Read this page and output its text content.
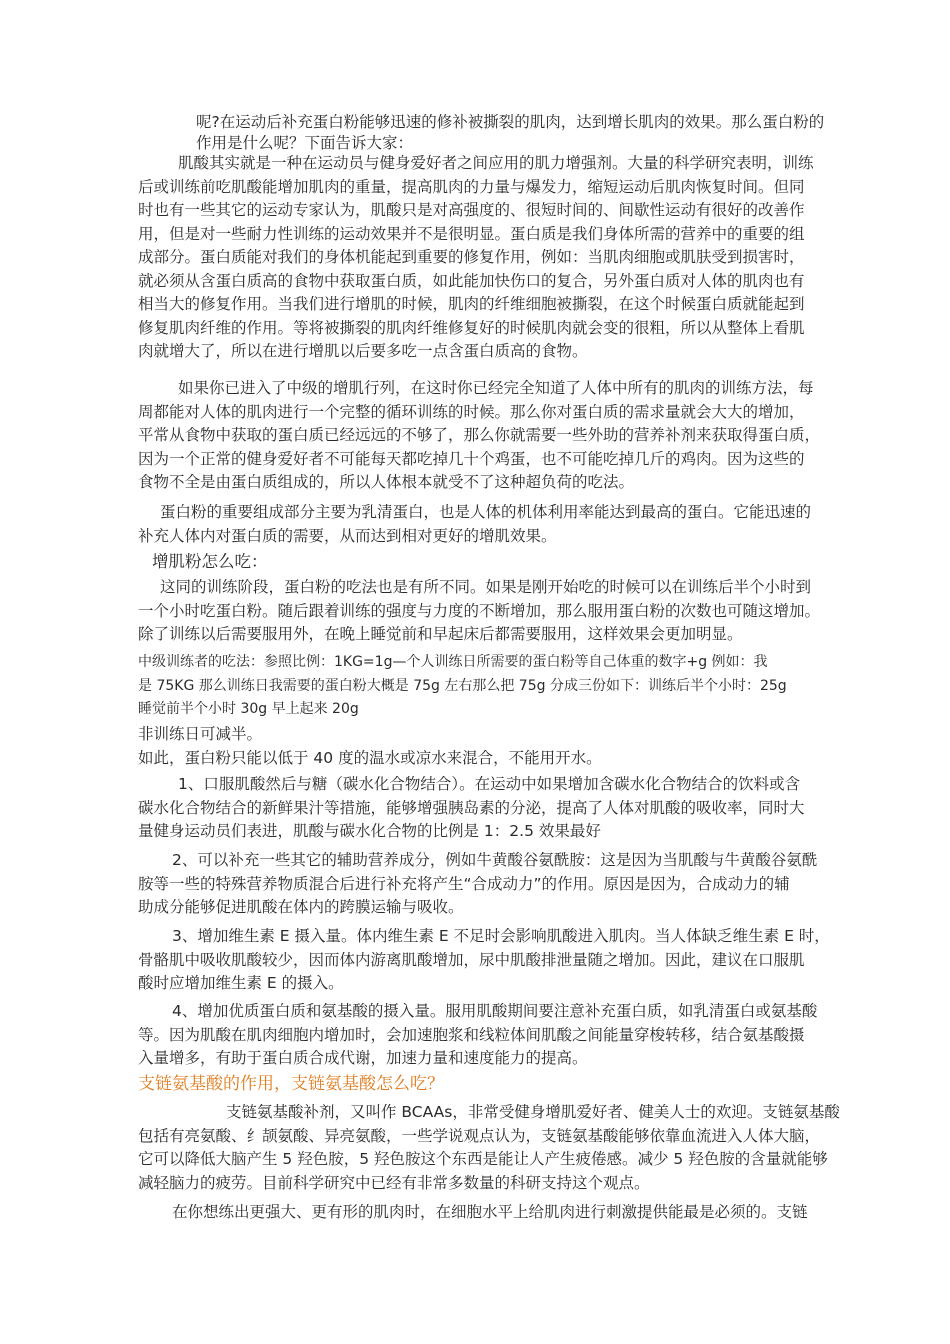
呢?在运动后补充蛋白粉能够迅速的修补被撕裂的肌肉，达到增长肌肉的效果。那么蛋白粉的
作用是什么呢？下面告诉大家：
肌酸其实就是一种在运动员与健身爱好者之间应用的肌力增强剂。大量的科学研究表明，训练
后或训练前吃肌酸能增加肌肉的重量，提高肌肉的力量与爆发力，缩短运动后肌肉恢复时间。但同
时也有一些其它的运动专家认为，肌酸只是对高强度的、很短时间的、间歇性运动有很好的改善作
用，但是对一些耐力性训练的运动效果并不是很明显。蛋白质是我们身体所需的营养中的重要的组
成部分。蛋白质能对我们的身体机能起到重要的修复作用，例如：当肌肉细胞或肌肤受到损害时，
就必须从含蛋白质高的食物中获取蛋白质，如此能加快伤口的复合，另外蛋白质对人体的肌肉也有
相当大的修复作用。当我们进行增肌的时候，肌肉的纤维细胞被撕裂，在这个时候蛋白质就能起到
修复肌肉纤维的作用。等将被撕裂的肌肉纤维修复好的时候肌肉就会变的很粗，所以从整体上看肌
肉就增大了，所以在进行增肌以后要多吃一点含蛋白质高的食物。
如果你已进入了中级的增肌行列，在这时你已经完全知道了人体中所有的肌肉的训练方法，每
周都能对人体的肌肉进行一个完整的循环训练的时候。那么你对蛋白质的需求量就会大大的增加，
平常从食物中获取的蛋白质已经远远的不够了，那么你就需要一些外助的营养补剂来获取得蛋白质，
因为一个正常的健身爱好者不可能每天都吃掉几十个鸡蛋，也不可能吃掉几斤的鸡肉。因为这些的
食物不全是由蛋白质组成的，所以人体根本就受不了这种超负荷的吃法。
蛋白粉的重要组成部分主要为乳清蛋白，也是人体的机体利用率能达到最高的蛋白。它能迅速的
补充人体内对蛋白质的需要，从而达到相对更好的增肌效果。
增肌粉怎么吃：
这同的训练阶段，蛋白粉的吃法也是有所不同。如果是刚开始吃的时候可以在训练后半个小时到
一个小时吃蛋白粉。随后跟着训练的强度与力度的不断增加，那么服用蛋白粉的次数也可随这增加。
除了训练以后需要服用外，在晚上睡觉前和早起床后都需要服用，这样效果会更加明显。
中级训练者的吃法：参照比例：1KG=1g—个人训练日所需要的蛋白粉等自己体重的数字+g 例如：我
是 75KG 那么训练日我需要的蛋白粉大概是 75g 左右那么把 75g 分成三份如下：训练后半个小时：25g
睡觉前半个小时 30g 早上起来 20g
非训练日可减半。
如此，蛋白粉只能以低于 40 度的温水或凉水来混合，不能用开水。
1、口服肌酸然后与糖（碳水化合物结合）。在运动中如果增加含碳水化合物结合的饮料或含
碳水化合物结合的新鲜果汁等措施，能够增强胰岛素的分泌，提高了人体对肌酸的吸收率，同时大
量健身运动员们表进，肌酸与碳水化合物的比例是 1：2.5 效果最好
2、可以补充一些其它的辅助营养成分，例如牛黄酸谷氨酰胺：这是因为当肌酸与牛黄酸谷氨酰
胺等一些的特殊营养物质混合后进行补充将产生“合成动力”的作用。原因是因为，合成动力的辅
助成分能够促进肌酸在体内的跨膜运输与吸收。
3、增加维生素 E 摄入量。体内维生素 E 不足时会影响肌酸进入肌肉。当人体缺乏维生素 E 时，
骨骼肌中吸收肌酸较少，因而体内游离肌酸增加，尿中肌酸排泄量随之增加。因此，建议在口服肌
酸时应增加维生素 E 的摄入。
4、增加优质蛋白质和氨基酸的摄入量。服用肌酸期间要注意补充蛋白质，如乳清蛋白或氨基酸
等。因为肌酸在肌肉细胞内增加时，会加速胞浆和线粒体间肌酸之间能量穿梭转移，结合氨基酸摄
入量增多，有助于蛋白质合成代谢，加速力量和速度能力的提高。
支链氨基酸的作用，支链氨基酸怎么吃？
支链氨基酸补剂，又叫作 BCAAs，非常受健身增肌爱好者、健美人士的欢迎。支链氨基酸
包括有亮氨酸、纟颉氨酸、异亮氨酸，一些学说观点认为，支链氨基酸能够依靠血流进入人体大脑，
它可以降低大脑产生 5 羟色胺，5 羟色胺这个东西是能让人产生疲倦感。减少 5 羟色胺的含量就能够
减轻脑力的疲劳。目前科学研究中已经有非常多数量的科研支持这个观点。
在你想练出更强大、更有形的肌肉时，在细胞水平上给肌肉进行刺激提供能最是必须的。支链
